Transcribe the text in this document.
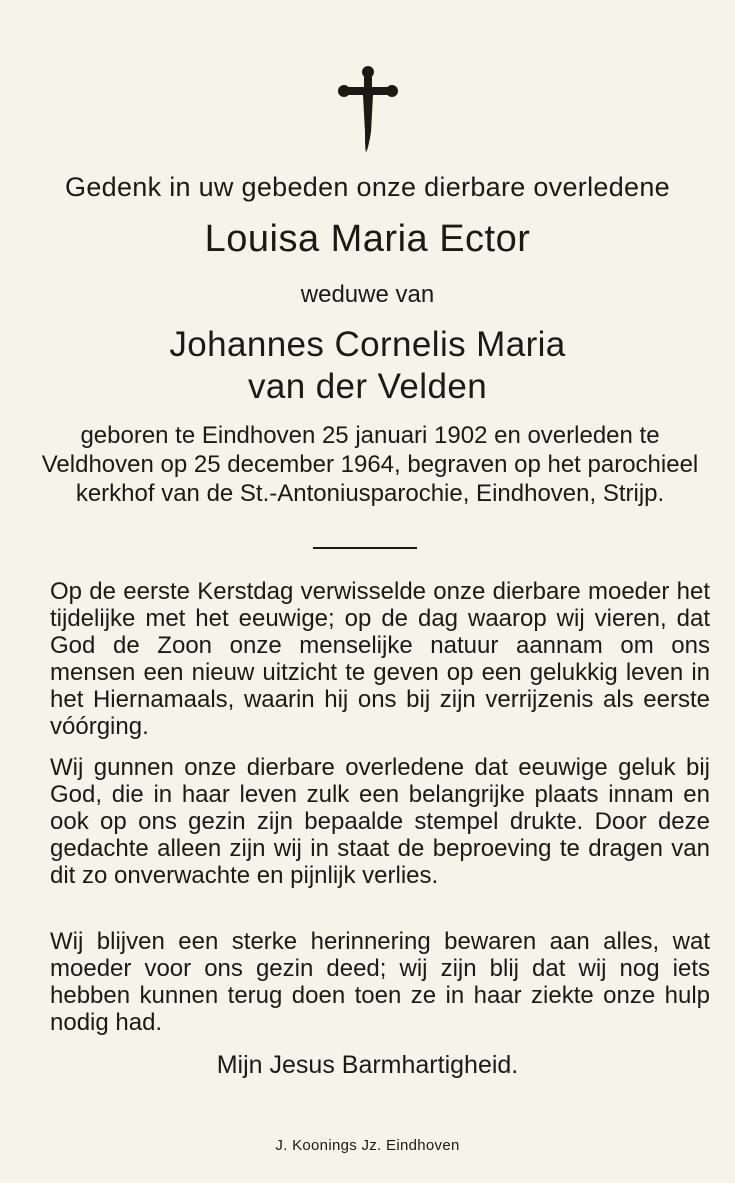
Gedenk in uw gebeden onze dierbare overledene
Louisa Maria Ector
weduwe van
Johannes Cornelis Maria
van der Velden
geboren te Eindhoven 25 januari 1902 en overleden te Veldhoven op 25 december 1964, begraven op het parochieel kerkhof van de St.-Antoniusparochie, Eindhoven, Strijp.
Op de eerste Kerstdag verwisselde onze dierbare moeder het tijdelijke met het eeuwige; op de dag waarop wij vieren, dat God de Zoon onze menselijke natuur aannam om ons mensen een nieuw uitzicht te geven op een gelukkig leven in het Hiernamaals, waarin hij ons bij zijn verrijzenis als eerste vóórging.
Wij gunnen onze dierbare overledene dat eeuwige geluk bij God, die in haar leven zulk een belangrijke plaats innam en ook op ons gezin zijn bepaalde stempel drukte. Door deze gedachte alleen zijn wij in staat de beproeving te dragen van dit zo onverwachte en pijnlijk verlies.
Wij blijven een sterke herinnering bewaren aan alles, wat moeder voor ons gezin deed; wij zijn blij dat wij nog iets hebben kunnen terug doen toen ze in haar ziekte onze hulp nodig had.
Mijn Jesus Barmhartigheid.
J. Koonings Jz. Eindhoven
